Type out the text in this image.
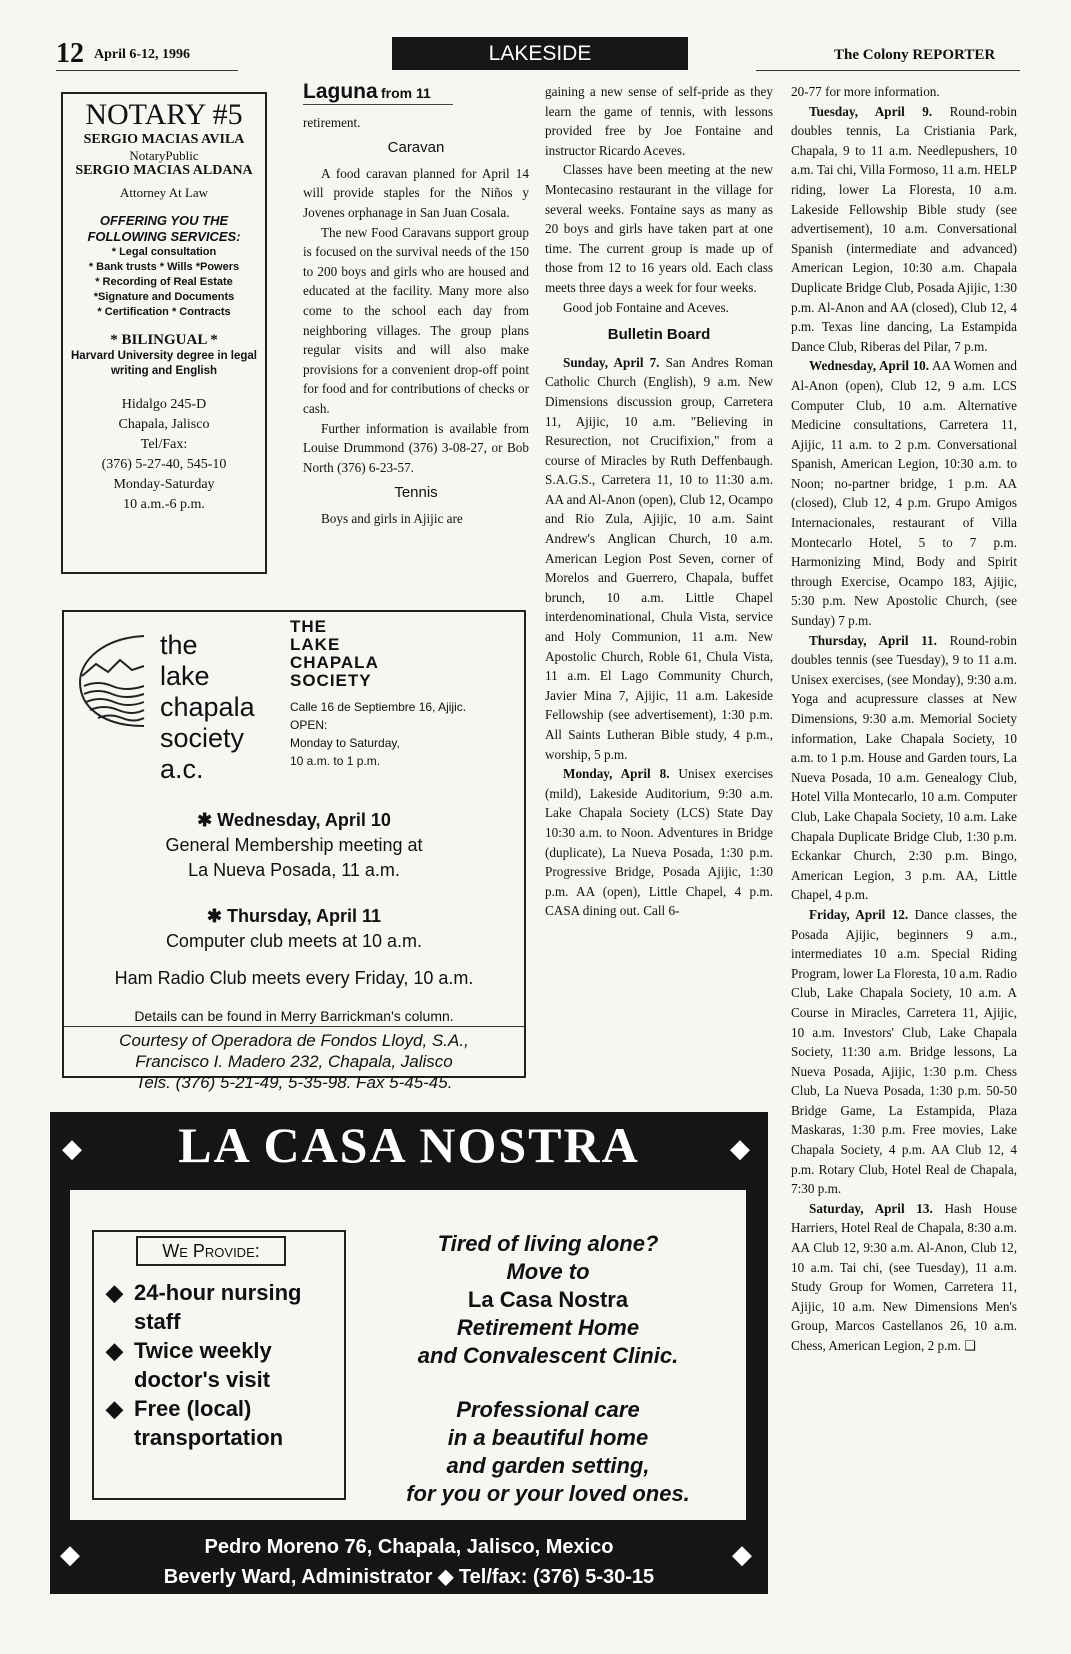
12 April 6-12, 1996	LAKESIDE	The Colony REPORTER
NOTARY #5
SERGIO MACIAS AVILA
NotaryPublic
SERGIO MACIAS ALDANA
Attorney At Law
OFFERING YOU THE FOLLOWING SERVICES:
* Legal consultation
* Bank trusts * Wills *Powers
* Recording of Real Estate
*Signature and Documents
* Certification * Contracts
* BILINGUAL *
Harvard University degree in legal writing and English
Hidalgo 245-D
Chapala, Jalisco
Tel/Fax:
(376) 5-27-40, 545-10
Monday-Saturday
10 a.m.-6 p.m.
Laguna from 11

retirement.

Caravan

A food caravan planned for April 14 will provide staples for the Niños y Jovenes orphanage in San Juan Cosala.

The new Food Caravans support group is focused on the survival needs of the 150 to 200 boys and girls who are housed and educated at the facility. Many more also come to the school each day from neighboring villages. The group plans regular visits and will also make provisions for a convenient drop-off point for food and for contributions of checks or cash.

Further information is available from Louise Drummond (376) 3-08-27, or Bob North (376) 6-23-57.

Tennis

Boys and girls in Ajijic are

gaining a new sense of self-pride as they learn the game of tennis, with lessons provided free by Joe Fontaine and instructor Ricardo Aceves.

Classes have been meeting at the new Montecasino restaurant in the village for several weeks. Fontaine says as many as 20 boys and girls have taken part at one time. The current group is made up of those from 12 to 16 years old. Each class meets three days a week for four weeks.

Good job Fontaine and Aceves.

Bulletin Board

Sunday, April 7. San Andres Roman Catholic Church (English), 9 a.m. New Dimensions discussion group, Carretera 11, Ajijic, 10 a.m. "Believing in Resurection, not Crucifixion," from a course of Miracles by Ruth Deffenbaugh. S.A.G.S., Carretera 11, 10 to 11:30 a.m. AA and Al-Anon (open), Club 12, Ocampo and Rio Zula, Ajijic, 10 a.m. Saint Andrew's Anglican Church, 10 a.m. American Legion Post Seven, corner of Morelos and Guerrero, Chapala, buffet brunch, 10 a.m. Little Chapel interdenominational, Chula Vista, service and Holy Communion, 11 a.m. New Apostolic Church, Roble 61, Chula Vista, 11 a.m. El Lago Community Church, Javier Mina 7, Ajijic, 11 a.m. Lakeside Fellowship (see advertisement), 1:30 p.m. All Saints Lutheran Bible study, 4 p.m., worship, 5 p.m.

Monday, April 8. Unisex exercises (mild), Lakeside Auditorium, 9:30 a.m. Lake Chapala Society (LCS) State Day 10:30 a.m. to Noon. Adventures in Bridge (duplicate), La Nueva Posada, 1:30 p.m. Progressive Bridge, Posada Ajijic, 1:30 p.m. AA (open), Little Chapel, 4 p.m. CASA dining out. Call 6-

20-77 for more information.

Tuesday, April 9. Round-robin doubles tennis, La Cristiania Park, Chapala, 9 to 11 a.m. Needlepushers, 10 a.m. Tai chi, Villa Formoso, 11 a.m. HELP riding, lower La Floresta, 10 a.m. Lakeside Fellowship Bible study (see advertisement), 10 a.m. Conversational Spanish (intermediate and advanced) American Legion, 10:30 a.m. Chapala Duplicate Bridge Club, Posada Ajijic, 1:30 p.m. Al-Anon and AA (closed), Club 12, 4 p.m. Texas line dancing, La Estampida Dance Club, Riberas del Pilar, 7 p.m.

Wednesday, April 10. AA Women and Al-Anon (open), Club 12, 9 a.m. LCS Computer Club, 10 a.m. Alternative Medicine consultations, Carretera 11, Ajijic, 11 a.m. to 2 p.m. Conversational Spanish, American Legion, 10:30 a.m. to Noon; no-partner bridge, 1 p.m. AA (closed), Club 12, 4 p.m. Grupo Amigos Internacionales, restaurant of Villa Montecarlo Hotel, 5 to 7 p.m. Harmonizing Mind, Body and Spirit through Exercise, Ocampo 183, Ajijic, 5:30 p.m. New Apostolic Church, (see Sunday) 7 p.m.

Thursday, April 11. Round-robin doubles tennis (see Tuesday), 9 to 11 a.m. Unisex exercises, (see Monday), 9:30 a.m. Yoga and acupressure classes at New Dimensions, 9:30 a.m. Memorial Society information, Lake Chapala Society, 10 a.m. to 1 p.m. House and Garden tours, La Nueva Posada, 10 a.m. Genealogy Club, Hotel Villa Montecarlo, 10 a.m. Computer Club, Lake Chapala Society, 10 a.m. Lake Chapala Duplicate Bridge Club, 1:30 p.m. Eckankar Church, 2:30 p.m. Bingo, American Legion, 3 p.m. AA, Little Chapel, 4 p.m.

Friday, April 12. Dance classes, the Posada Ajijic, beginners 9 a.m., intermediates 10 a.m. Special Riding Program, lower La Floresta, 10 a.m. Radio Club, Lake Chapala Society, 10 a.m. A Course in Miracles, Carretera 11, Ajijic, 10 a.m. Investors' Club, Lake Chapala Society, 11:30 a.m. Bridge lessons, La Nueva Posada, Ajijic, 1:30 p.m. Chess Club, La Nueva Posada, 1:30 p.m. 50-50 Bridge Game, La Estampida, Plaza Maskaras, 1:30 p.m. Free movies, Lake Chapala Society, 4 p.m. AA Club 12, 4 p.m. Rotary Club, Hotel Real de Chapala, 7:30 p.m.

Saturday, April 13. Hash House Harriers, Hotel Real de Chapala, 8:30 a.m. AA Club 12, 9:30 a.m. Al-Anon, Club 12, 10 a.m. Tai chi, (see Tuesday), 11 a.m. Study Group for Women, Carretera 11, Ajijic, 10 a.m. New Dimensions Men's Group, Marcos Castellanos 26, 10 a.m. Chess, American Legion, 2 p.m. ❑

the
lake
chapala
society
a.c.
THE
LAKE
CHAPALA
SOCIETY
Calle 16 de Septiembre 16, Ajijic.
OPEN:
Monday to Saturday,
10 a.m. to 1 p.m.
✱ Wednesday, April 10
General Membership meeting at
La Nueva Posada, 11 a.m.
✱ Thursday, April 11
Computer club meets at 10 a.m.
Ham Radio Club meets every Friday, 10 a.m.
Details can be found in Merry Barrickman's column.
Courtesy of Operadora de Fondos Lloyd, S.A.,
Francisco I. Madero 232, Chapala, Jalisco
Tels. (376) 5-21-49, 5-35-98. Fax 5-45-45.
◆	◆
LA CASA NOSTRA
We Provide:
◆ 24-hour nursing staff
◆ Twice weekly doctor's visit
◆ Free (local) transportation
Tired of living alone?
Move to
La Casa Nostra
Retirement Home
and Convalescent Clinic.
Professional care
in a beautiful home
and garden setting,
for you or your loved ones.
◆	◆
Pedro Moreno 76, Chapala, Jalisco, Mexico
Beverly Ward, Administrator ◆ Tel/fax: (376) 5-30-15
